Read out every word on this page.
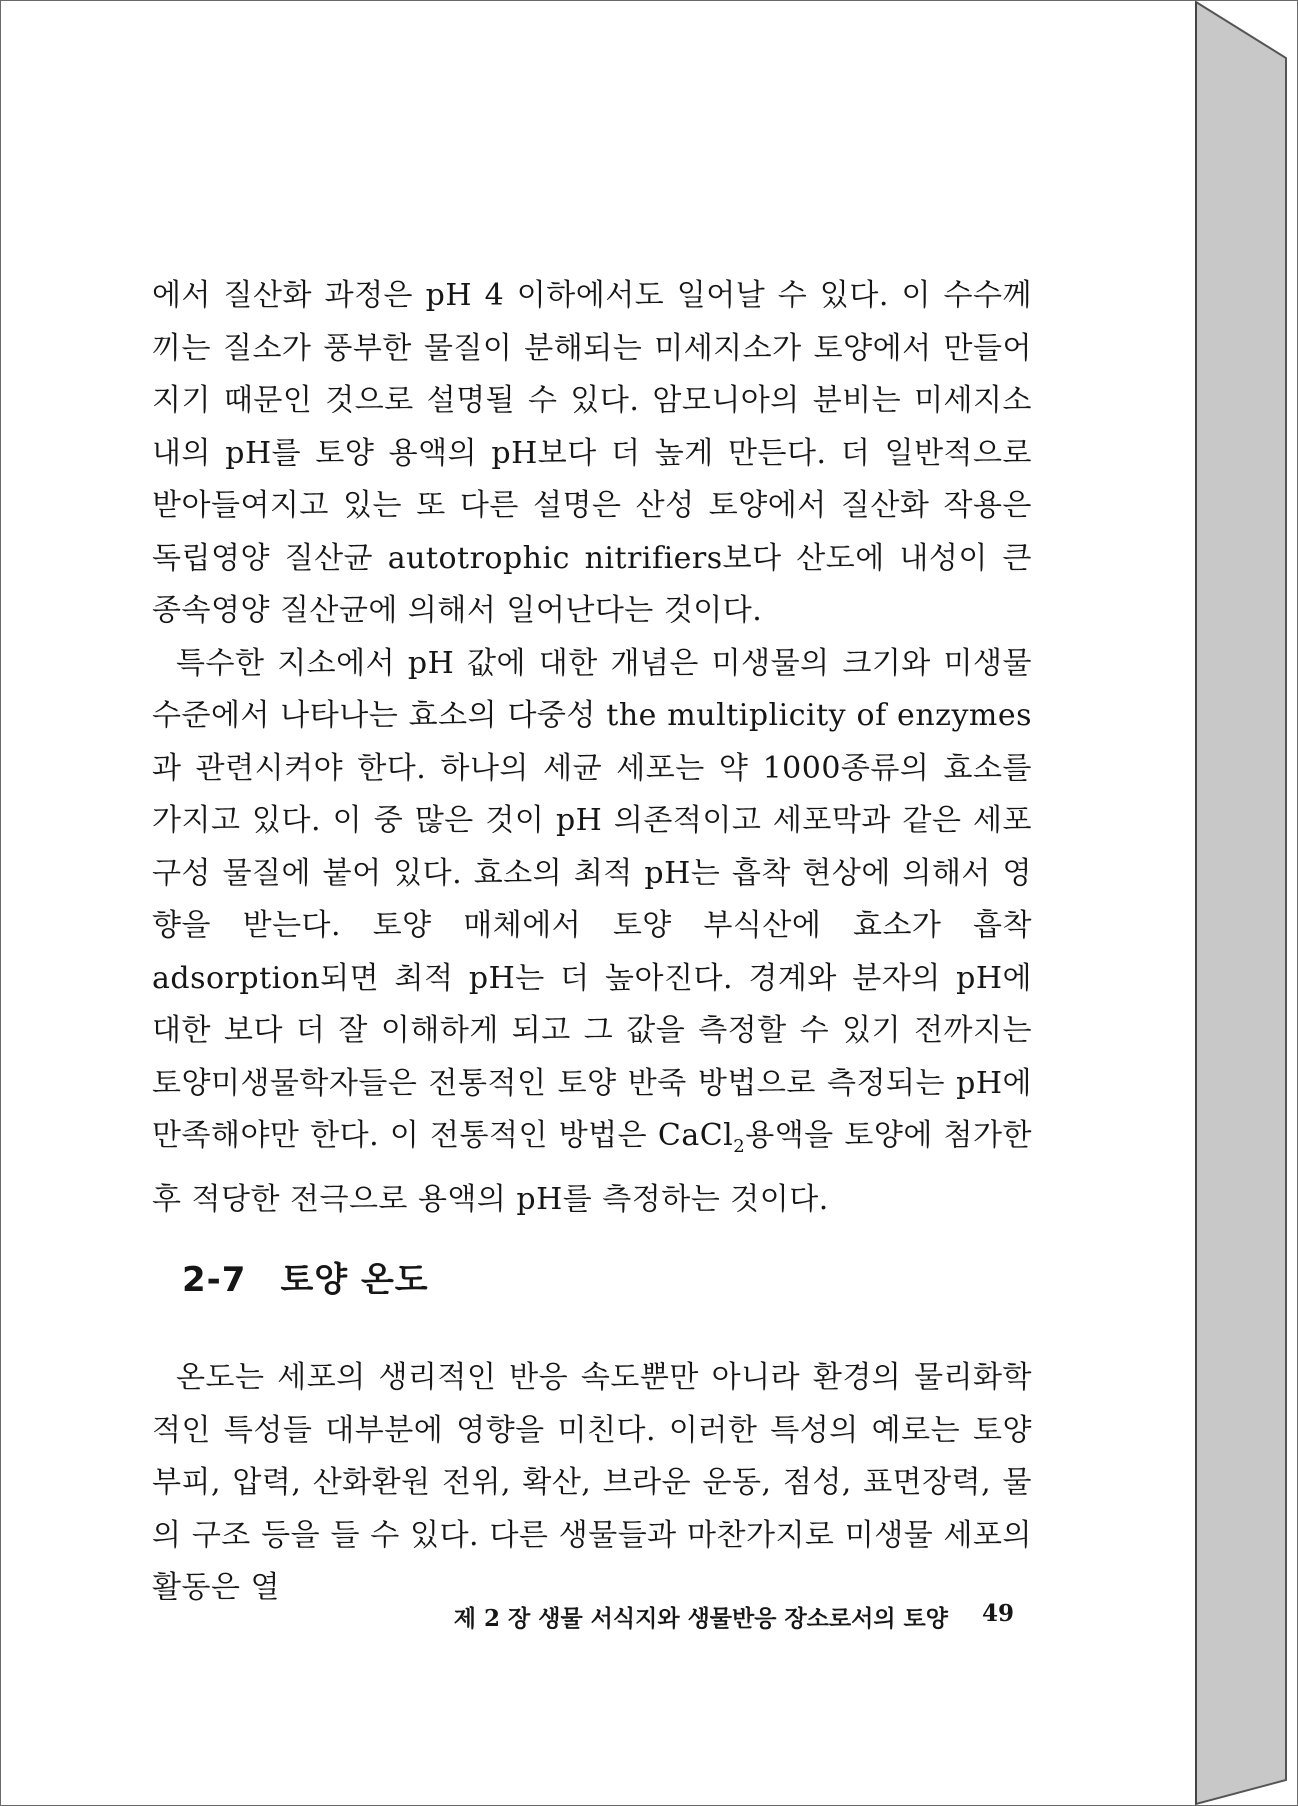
에서 질산화 과정은 pH 4 이하에서도 일어날 수 있다. 이 수수께끼는 질소가 풍부한 물질이 분해되는 미세지소가 토양에서 만들어지기 때문인 것으로 설명될 수 있다. 암모니아의 분비는 미세지소 내의 pH를 토양 용액의 pH보다 더 높게 만든다. 더 일반적으로 받아들여지고 있는 또 다른 설명은 산성 토양에서 질산화 작용은 독립영양 질산균 autotrophic nitrifiers보다 산도에 내성이 큰 종속영양 질산균에 의해서 일어난다는 것이다.

특수한 지소에서 pH 값에 대한 개념은 미생물의 크기와 미생물 수준에서 나타나는 효소의 다중성 the multiplicity of enzymes과 관련시켜야 한다. 하나의 세균 세포는 약 1000종류의 효소를 가지고 있다. 이 중 많은 것이 pH 의존적이고 세포막과 같은 세포 구성 물질에 붙어 있다. 효소의 최적 pH는 흡착 현상에 의해서 영향을 받는다. 토양 매체에서 토양 부식산에 효소가 흡착adsorption되면 최적 pH는 더 높아진다. 경계와 분자의 pH에 대한 보다 더 잘 이해하게 되고 그 값을 측정할 수 있기 전까지는 토양미생물학자들은 전통적인 토양 반죽 방법으로 측정되는 pH에 만족해야만 한다. 이 전통적인 방법은 CaCl$_2$용액을 토양에 첨가한 후 적당한 전극으로 용액의 pH를 측정하는 것이다.

2-7 토양 온도

온도는 세포의 생리적인 반응 속도뿐만 아니라 환경의 물리화학적인 특성들 대부분에 영향을 미친다. 이러한 특성의 예로는 토양 부피, 압력, 산화환원 전위, 확산, 브라운 운동, 점성, 표면장력, 물의 구조 등을 들 수 있다. 다른 생물들과 마찬가지로 미생물 세포의 활동은 열

제 2 장 생물 서식지와 생물반응 장소로서의 토양 49
